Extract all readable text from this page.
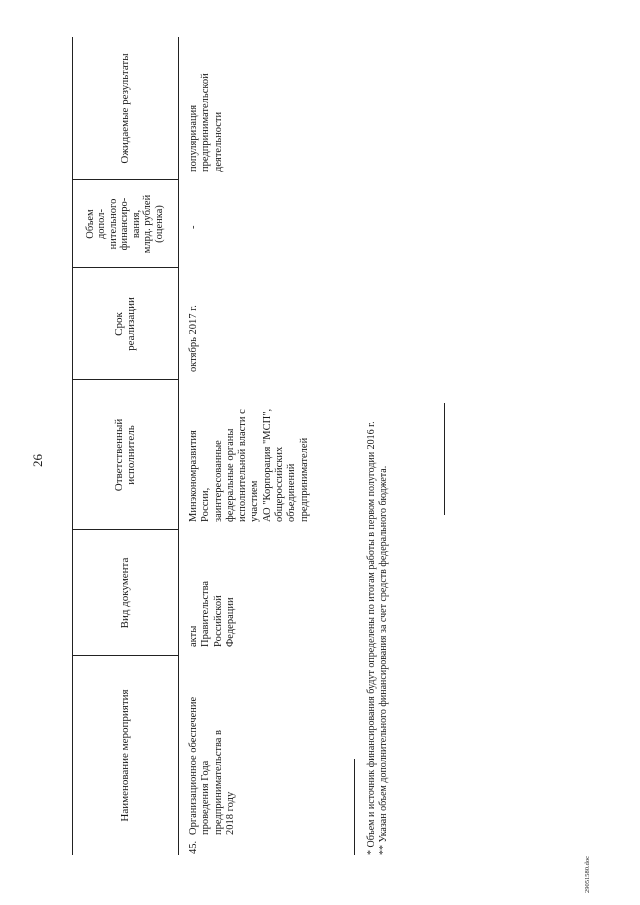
26
Наименование мероприятия
Вид документа
Ответственный исполнитель
Срок реализации
Объем допол- нительного финансиро- вания, млрд. рублей (оценка)
Ожидаемые результаты
45.
Организационное обеспечение проведения Года предпринимательства в 2018 году
акты Правительства Российской Федерации
Минэкономразвития России, заинтересованные федеральные органы исполнительной власти с участием АО "Корпорация "МСП", общероссийских объединений предпринимателей
октябрь 2017 г.
-
популяризация предпринимательской деятельности
* Объем и источник финансирования будут определены по итогам работы в первом полугодии 2016 г. ** Указан объем дополнительного финансирования за счет средств федерального бюджета.
29051580.doc
